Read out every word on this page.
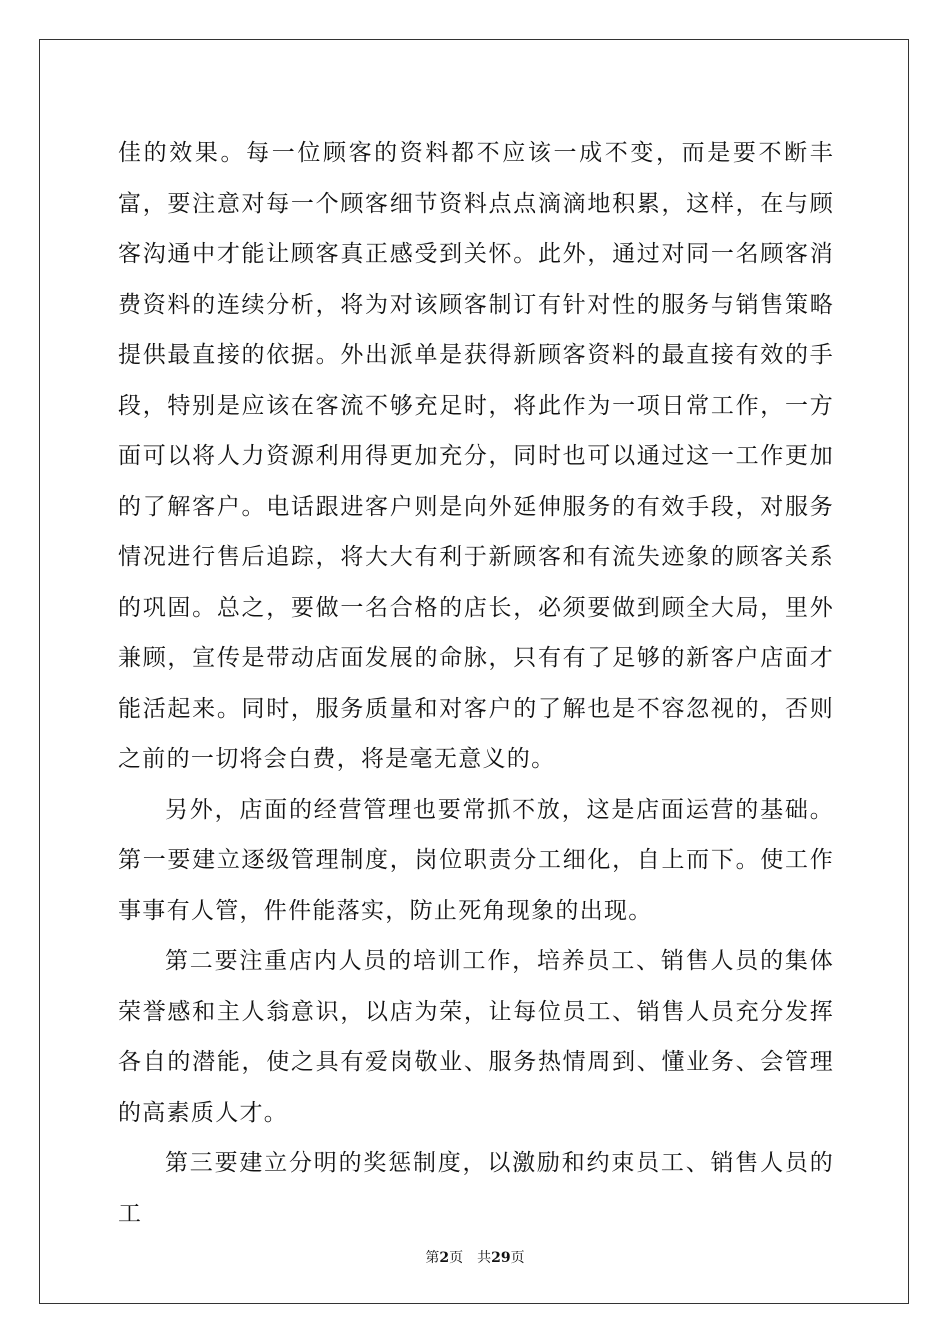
佳的效果。每一位顾客的资料都不应该一成不变，而是要不断丰富，要注意对每一个顾客细节资料点点滴滴地积累，这样，在与顾客沟通中才能让顾客真正感受到关怀。此外，通过对同一名顾客消费资料的连续分析，将为对该顾客制订有针对性的服务与销售策略提供最直接的依据。外出派单是获得新顾客资料的最直接有效的手段，特别是应该在客流不够充足时，将此作为一项日常工作，一方面可以将人力资源利用得更加充分，同时也可以通过这一工作更加的了解客户。电话跟进客户则是向外延伸服务的有效手段，对服务情况进行售后追踪，将大大有利于新顾客和有流失迹象的顾客关系的巩固。总之，要做一名合格的店长，必须要做到顾全大局，里外兼顾，宣传是带动店面发展的命脉，只有有了足够的新客户店面才能活起来。同时，服务质量和对客户的了解也是不容忽视的，否则之前的一切将会白费，将是毫无意义的。

另外，店面的经营管理也要常抓不放，这是店面运营的基础。第一要建立逐级管理制度，岗位职责分工细化，自上而下。使工作事事有人管，件件能落实，防止死角现象的出现。

第二要注重店内人员的培训工作，培养员工、销售人员的集体荣誉感和主人翁意识，以店为荣，让每位员工、销售人员充分发挥各自的潜能，使之具有爱岗敬业、服务热情周到、懂业务、会管理的高素质人才。

第三要建立分明的奖惩制度，以激励和约束员工、销售人员的工

第2页 共29页
